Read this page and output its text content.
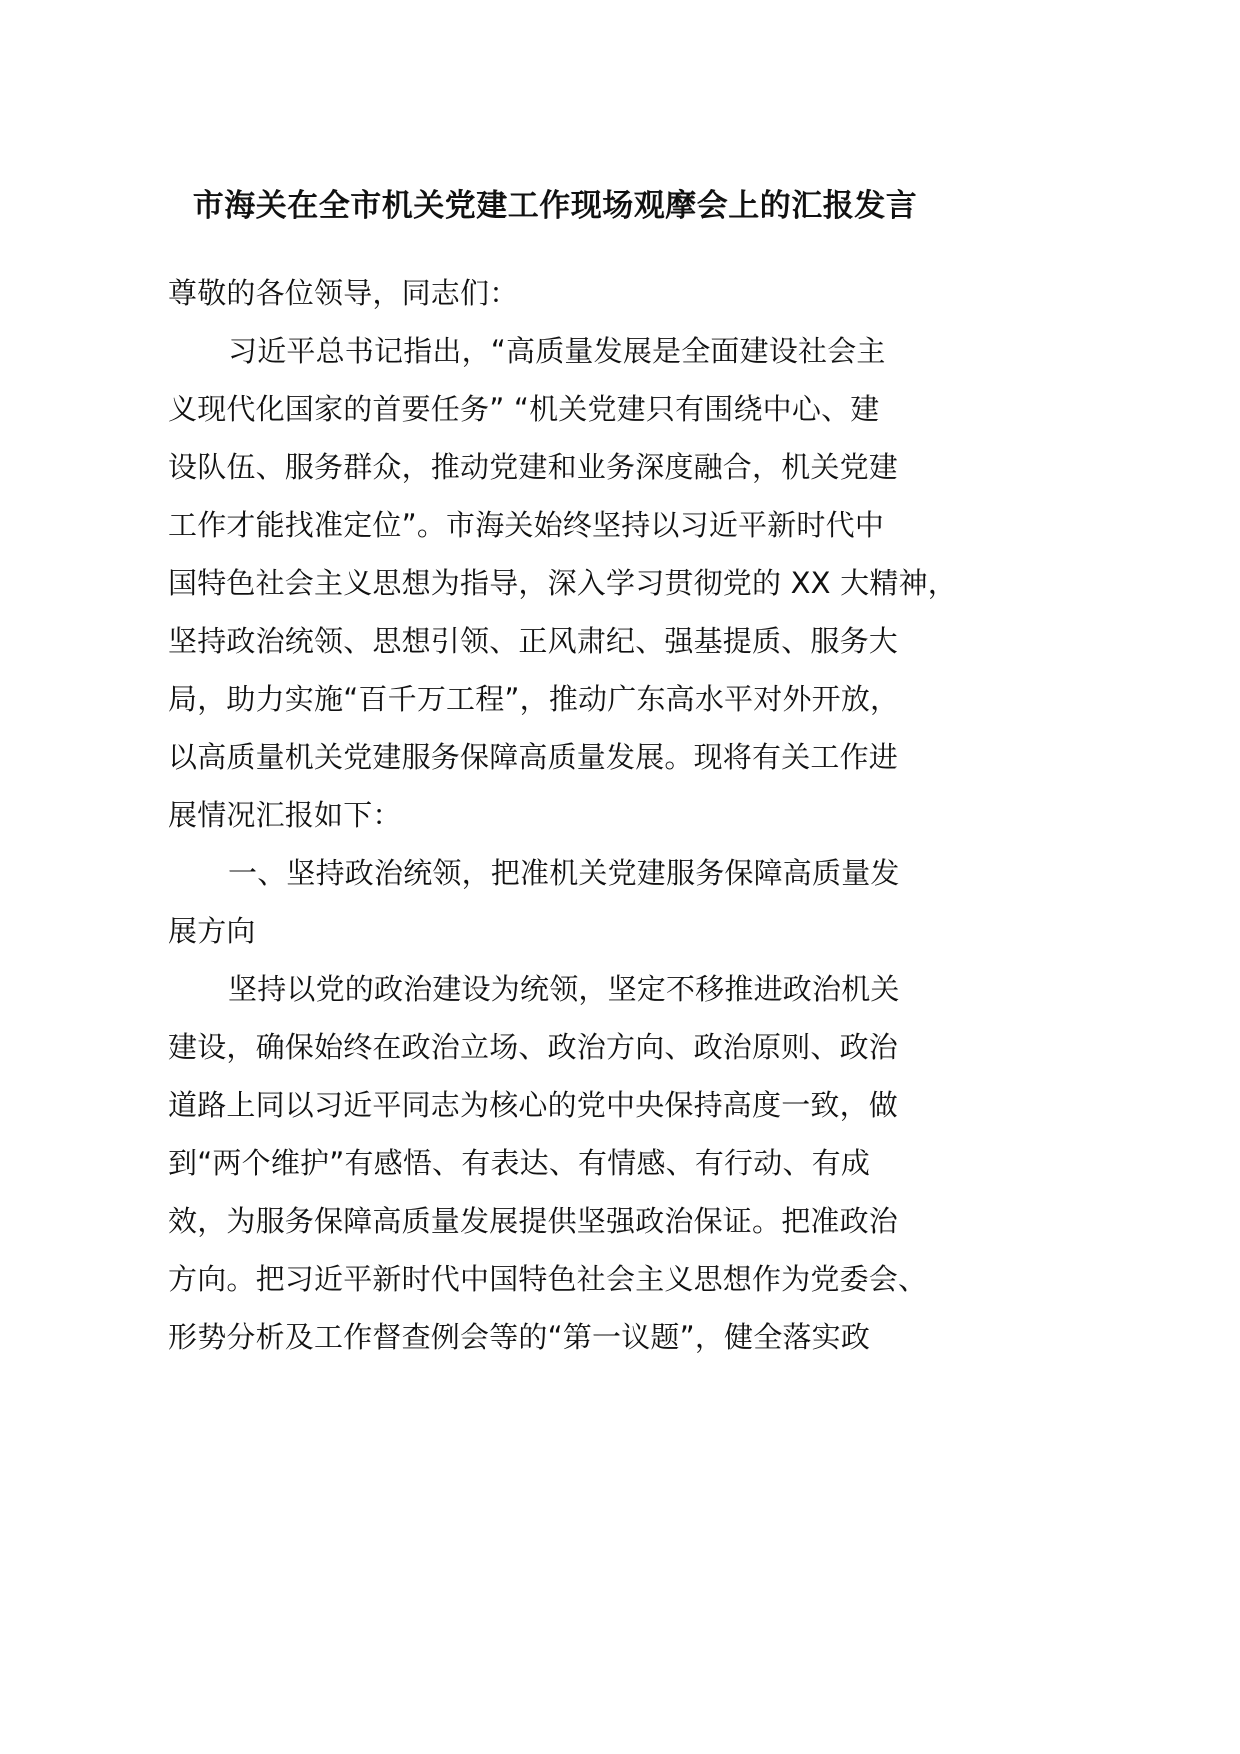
市海关在全市机关党建工作现场观摩会上的汇报发言
尊敬的各位领导，同志们：
习近平总书记指出，“高质量发展是全面建设社会主
义现代化国家的首要任务” “机关党建只有围绕中心、建
设队伍、服务群众，推动党建和业务深度融合，机关党建
工作才能找准定位”。市海关始终坚持以习近平新时代中
国特色社会主义思想为指导，深入学习贯彻党的 XX 大精神，
坚持政治统领、思想引领、正风肃纪、强基提质、服务大
局，助力实施“百千万工程”，推动广东高水平对外开放，
以高质量机关党建服务保障高质量发展。现将有关工作进
展情况汇报如下：
一、坚持政治统领，把准机关党建服务保障高质量发
展方向
坚持以党的政治建设为统领，坚定不移推进政治机关
建设，确保始终在政治立场、政治方向、政治原则、政治
道路上同以习近平同志为核心的党中央保持高度一致，做
到“两个维护”有感悟、有表达、有情感、有行动、有成
效，为服务保障高质量发展提供坚强政治保证。把准政治
方向。把习近平新时代中国特色社会主义思想作为党委会、
形势分析及工作督查例会等的“第一议题”，健全落实政
